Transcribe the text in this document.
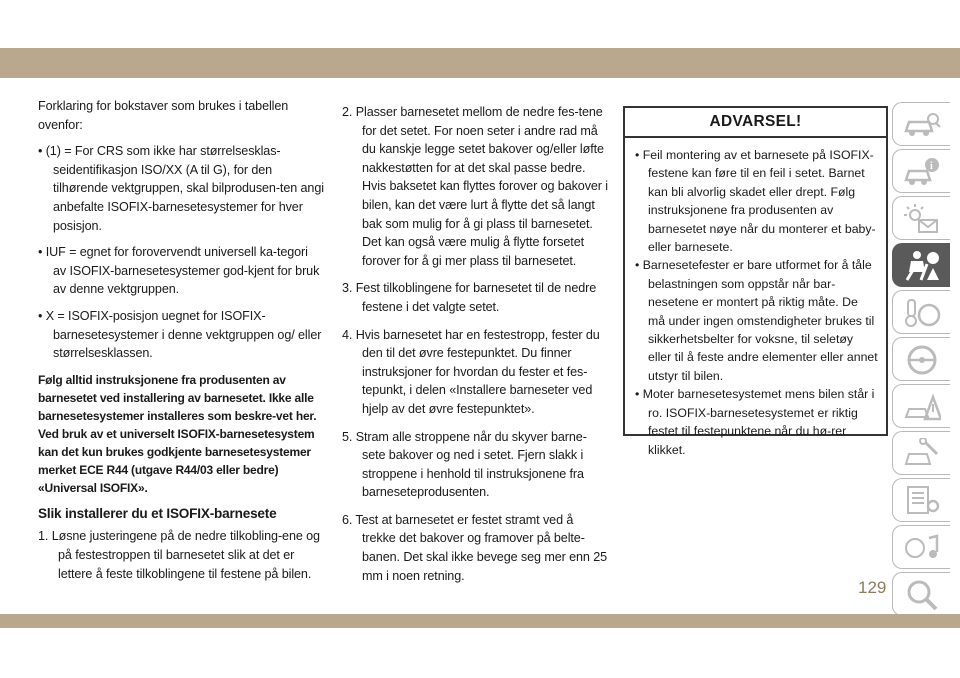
Forklaring for bokstaver som brukes i tabellen ovenfor:

• (1) = For CRS som ikke har størrelsesklas-seidentifikasjon ISO/XX (A til G), for den tilhørende vektgruppen, skal bilprodusen-ten angi anbefalte ISOFIX-barnesetesystemer for hver posisjon.

• IUF = egnet for forovervendt universell ka-tegori av ISOFIX-barnesetesystemer god-kjent for bruk av denne vektgruppen.

• X = ISOFIX-posisjon uegnet for ISOFIX-barnesetesystemer i denne vektgruppen og/ eller størrelsesklassen.

Følg alltid instruksjonene fra produsenten av barnesetet ved installering av barnesetet. Ikke alle barnesetesystemer installeres som beskre-vet her. Ved bruk av et universelt ISOFIX-barnesetesystem kan det kun brukes godkjente barnesetesystemer merket ECE R44 (utgave R44/03 eller bedre) «Universal ISOFIX».

Slik installerer du et ISOFIX-barnesete

1. Løsne justeringene på de nedre tilkobling-ene og på festestroppen til barnesetet slik at det er lettere å feste tilkoblingene til festene på bilen.

2. Plasser barnesetet mellom de nedre fes-tene for det setet. For noen seter i andre rad må du kanskje legge setet bakover og/eller løfte nakkestøtten for at det skal passe bedre. Hvis baksetet kan flyttes forover og bakover i bilen, kan det være lurt å flytte det så langt bak som mulig for å gi plass til barnesetet. Det kan også være mulig å flytte forsetet forover for å gi mer plass til barnesetet.

3. Fest tilkoblingene for barnesetet til de nedre festene i det valgte setet.

4. Hvis barnesetet har en festestropp, fester du den til det øvre festepunktet. Du finner instruksjoner for hvordan du fester et fes-tepunkt, i delen «Installere barneseter ved hjelp av det øvre festepunktet».

5. Stram alle stroppene når du skyver barne-sete bakover og ned i setet. Fjern slakk i stroppene i henhold til instruksjonene fra barneseteprodusenten.

6. Test at barnesetet er festet stramt ved å trekke det bakover og framover på belte-banen. Det skal ikke bevege seg mer enn 25 mm i noen retning.

ADVARSEL!
• Feil montering av et barnesete på ISOFIX-festene kan føre til en feil i setet. Barnet kan bli alvorlig skadet eller drept. Følg instruksjonene fra produsenten av barnesetet nøye når du monterer et baby- eller barnesete.
• Barnesetefester er bare utformet for å tåle belastningen som oppstår når bar-nesetene er montert på riktig måte. De må under ingen omstendigheter brukes til sikkerhetsbelter for voksne, til seletøy eller til å feste andre elementer eller annet utstyr til bilen.
• Moter barnesetesystemet mens bilen står i ro. ISOFIX-barnesetesystemet er riktig festet til festepunktene når du hø-rer klikket.
i
129
